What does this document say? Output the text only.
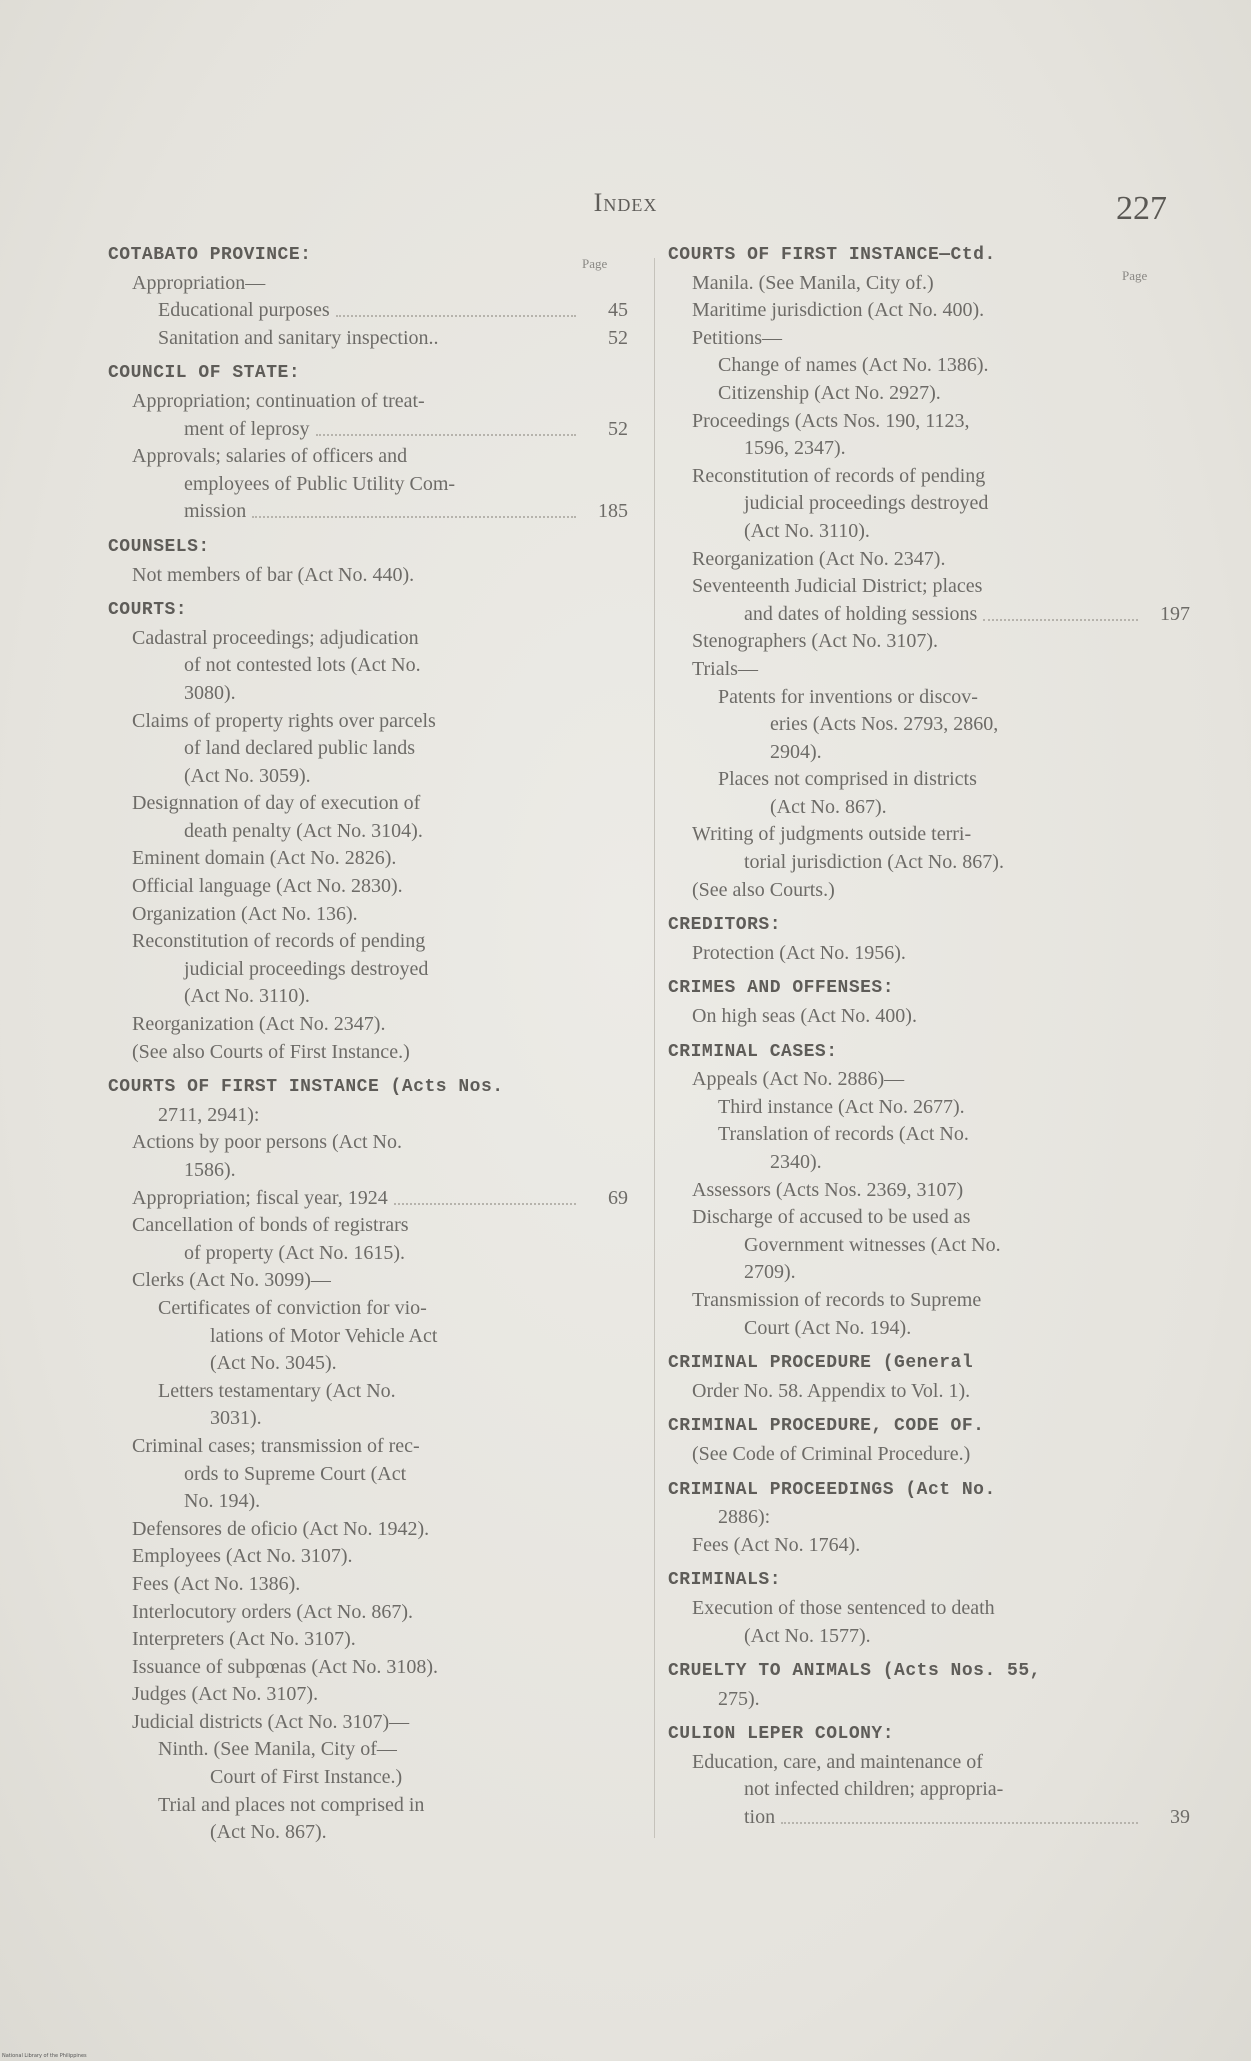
Index	227
Page
Page
COTABATO PROVINCE:
Appropriation—
Educational purposes	45
Sanitation and sanitary inspection..	52
COUNCIL OF STATE:
Appropriation; continuation of treat-
ment of leprosy	52
Approvals; salaries of officers and
employees of Public Utility Com-
mission	185
COUNSELS:
Not members of bar (Act No. 440).
COURTS:
Cadastral proceedings; adjudication
of not contested lots (Act No.
3080).
Claims of property rights over parcels
of land declared public lands
(Act No. 3059).
Designnation of day of execution of
death penalty (Act No. 3104).
Eminent domain (Act No. 2826).
Official language (Act No. 2830).
Organization (Act No. 136).
Reconstitution of records of pending
judicial proceedings destroyed
(Act No. 3110).
Reorganization (Act No. 2347).
(See also Courts of First Instance.)
COURTS OF FIRST INSTANCE (Acts Nos.
2711, 2941):
Actions by poor persons (Act No.
1586).
Appropriation; fiscal year, 1924	69
Cancellation of bonds of registrars
of property (Act No. 1615).
Clerks (Act No. 3099)—
Certificates of conviction for vio-
lations of Motor Vehicle Act
(Act No. 3045).
Letters testamentary (Act No.
3031).
Criminal cases; transmission of rec-
ords to Supreme Court (Act
No. 194).
Defensores de oficio (Act No. 1942).
Employees (Act No. 3107).
Fees (Act No. 1386).
Interlocutory orders (Act No. 867).
Interpreters (Act No. 3107).
Issuance of subpœnas (Act No. 3108).
Judges (Act No. 3107).
Judicial districts (Act No. 3107)—
Ninth. (See Manila, City of—
Court of First Instance.)
Trial and places not comprised in
(Act No. 867).
COURTS OF FIRST INSTANCE—Ctd.
Manila. (See Manila, City of.)
Maritime jurisdiction (Act No. 400).
Petitions—
Change of names (Act No. 1386).
Citizenship (Act No. 2927).
Proceedings (Acts Nos. 190, 1123,
1596, 2347).
Reconstitution of records of pending
judicial proceedings destroyed
(Act No. 3110).
Reorganization (Act No. 2347).
Seventeenth Judicial District; places
and dates of holding sessions	197
Stenographers (Act No. 3107).
Trials—
Patents for inventions or discov-
eries (Acts Nos. 2793, 2860,
2904).
Places not comprised in districts
(Act No. 867).
Writing of judgments outside terri-
torial jurisdiction (Act No. 867).
(See also Courts.)
CREDITORS:
Protection (Act No. 1956).
CRIMES AND OFFENSES:
On high seas (Act No. 400).
CRIMINAL CASES:
Appeals (Act No. 2886)—
Third instance (Act No. 2677).
Translation of records (Act No.
2340).
Assessors (Acts Nos. 2369, 3107)
Discharge of accused to be used as
Government witnesses (Act No.
2709).
Transmission of records to Supreme
Court (Act No. 194).
CRIMINAL PROCEDURE (General
Order No. 58. Appendix to Vol. 1).
CRIMINAL PROCEDURE, CODE OF.
(See Code of Criminal Procedure.)
CRIMINAL PROCEEDINGS (Act No.
2886):
Fees (Act No. 1764).
CRIMINALS:
Execution of those sentenced to death
(Act No. 1577).
CRUELTY TO ANIMALS (Acts Nos. 55,
275).
CULION LEPER COLONY:
Education, care, and maintenance of
not infected children; appropria-
tion	39
National Library of the Philippines
